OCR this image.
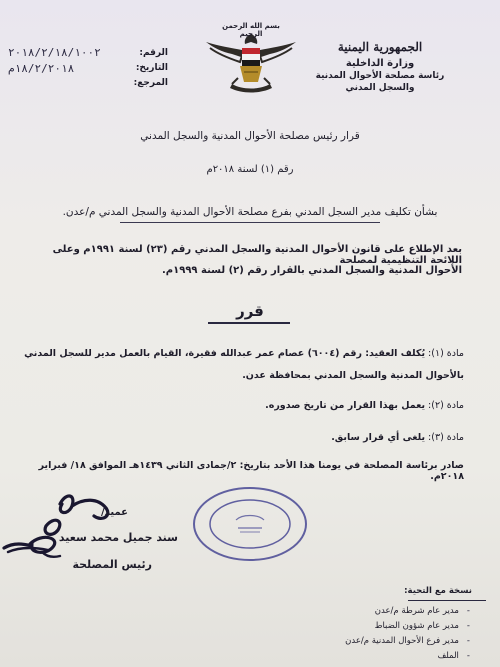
الجمهورية اليمنية
وزارة الداخلية
رئاسة مصلحة الأحوال المدنية
والسجل المدني
بسم الله الرحمن الرحيم
الرقم:
٢٠١٨/٢/١٨/١٠٠٢
التاريخ:
١٨/٢/٢٠١٨م
المرجع:
قرار رئيس مصلحة الأحوال المدنية والسجل المدني
رقم (١) لسنة ٢٠١٨م
بشأن تكليف مدير السجل المدني بفرع مصلحة الأحوال المدنية والسجل المدني م/عدن.
بعد الإطلاع على قانون الأحوال المدنية والسجل المدني رقم (٢٣) لسنة ١٩٩١م وعلى اللائحة التنظيمية لمصلحة
الأحوال المدنية والسجل المدني بالقرار رقم (٢) لسنة ١٩٩٩م.
قرر
مادة (١): يُكلف العقيد: رقم (٦٠٠٤) عصام عمر عبدالله فقيرة، القيام بالعمل مدير للسجل المدني
بالأحوال المدنية والسجل المدني بمحافظة عدن.
مادة (٢): يعمل بهذا القرار من تاريخ صدوره.
مادة (٣): يلغى أي قرار سابق.
صادر برئاسة المصلحة في يومنا هذا الأحد بتاريخ: ٢/جمادى الثاني ١٤٣٩هـ الموافق ١٨/ فبراير ٢٠١٨م.
عميد/
سند جميل محمد سعيد
رئيس المصلحة
نسخة مع التحية:
-مدير عام شرطة م/عدن
-مدير عام شؤون الضباط
-مدير فرع الأحوال المدنية م/عدن
-الملف
